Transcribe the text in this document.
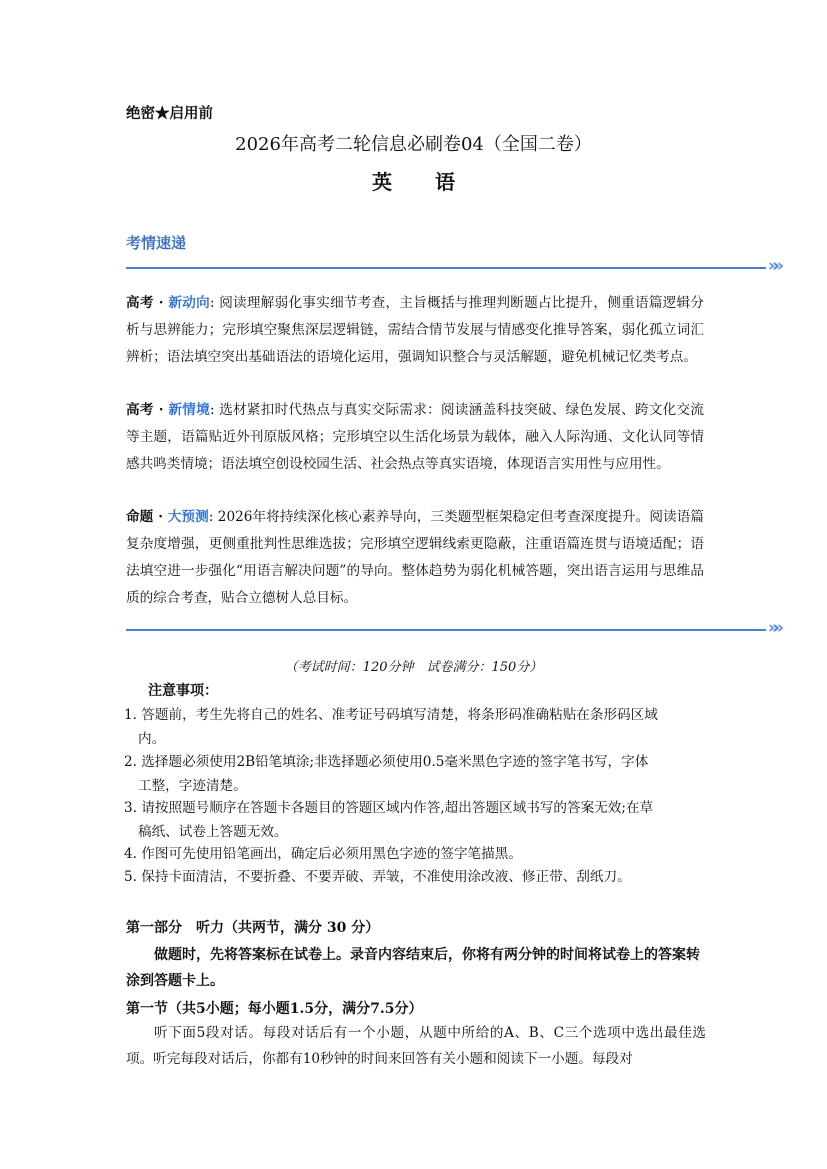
绝密★启用前
2026年高考二轮信息必刷卷04（全国二卷）
英 语
考情速递
»»
高考 · 新动向: 阅读理解弱化事实细节考查，主旨概括与推理判断题占比提升，侧重语篇逻辑分析与思辨能力；完形填空聚焦深层逻辑链，需结合情节发展与情感变化推导答案，弱化孤立词汇辨析；语法填空突出基础语法的语境化运用，强调知识整合与灵活解题，避免机械记忆类考点。
高考 · 新情境: 选材紧扣时代热点与真实交际需求：阅读涵盖科技突破、绿色发展、跨文化交流等主题，语篇贴近外刊原版风格；完形填空以生活化场景为载体，融入人际沟通、文化认同等情感共鸣类情境；语法填空创设校园生活、社会热点等真实语境，体现语言实用性与应用性。
命题 · 大预测: 2026年将持续深化核心素养导向，三类题型框架稳定但考查深度提升。阅读语篇复杂度增强，更侧重批判性思维选拔；完形填空逻辑线索更隐蔽，注重语篇连贯与语境适配；语法填空进一步强化“用语言解决问题”的导向。整体趋势为弱化机械答题，突出语言运用与思维品质的综合考查，贴合立德树人总目标。
»»
（考试时间：120分钟　试卷满分：150分）
注意事项：
1. 答题前，考生先将自己的姓名、准考证号码填写清楚，将条形码准确粘贴在条形码区域
内。
2. 选择题必须使用2B铅笔填涂;非选择题必须使用0.5毫米黑色字迹的签字笔书写，字体
工整，字迹清楚。
3. 请按照题号顺序在答题卡各题目的答题区域内作答,超出答题区域书写的答案无效;在草
稿纸、试卷上答题无效。
4. 作图可先使用铅笔画出，确定后必须用黑色字迹的签字笔描黑。
5. 保持卡面清洁，不要折叠、不要弄破、弄皱，不准使用涂改液、修正带、刮纸刀。
第一部分　听力（共两节，满分 30 分）
做题时，先将答案标在试卷上。录音内容结束后，你将有两分钟的时间将试卷上的答案转涂到答题卡上。
第一节（共5小题；每小题1.5分，满分7.5分）
听下面5段对话。每段对话后有一个小题，从题中所给的A、B、C三个选项中选出最佳选项。听完每段对话后，你都有10秒钟的时间来回答有关小题和阅读下一小题。每段对
